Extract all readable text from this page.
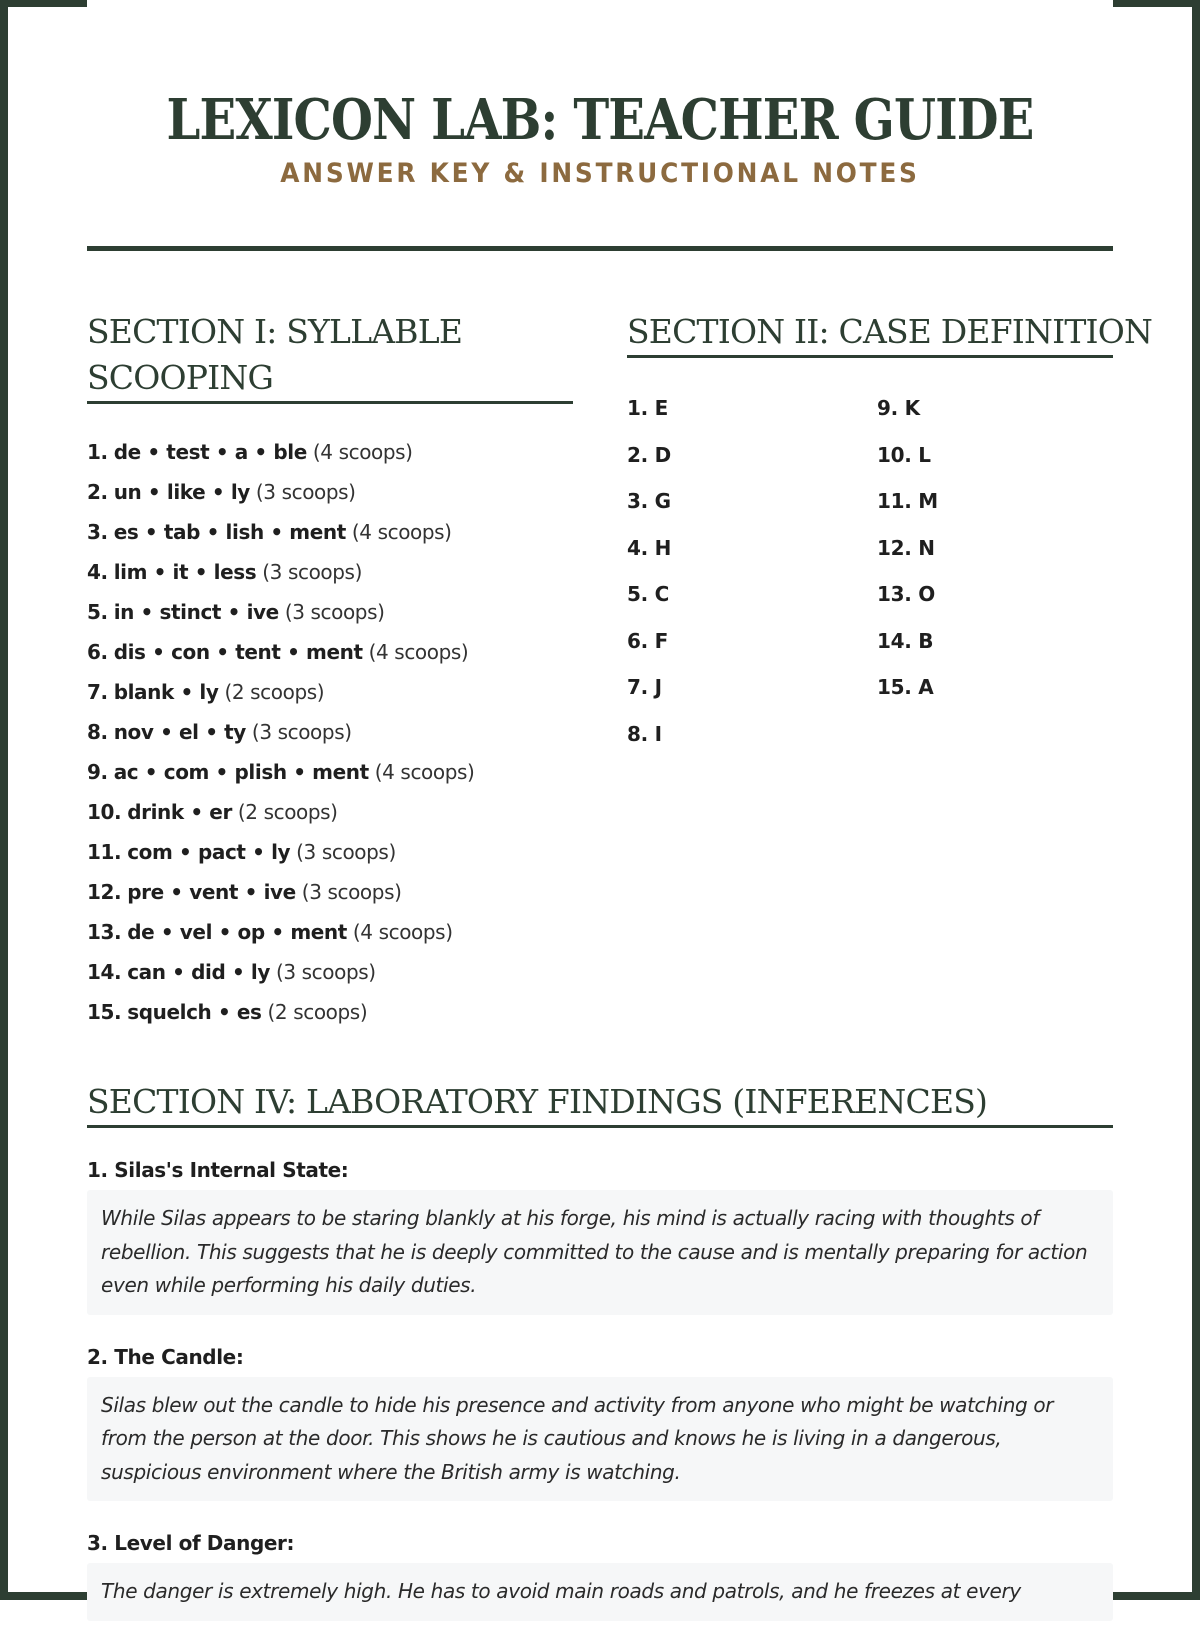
LEXICON LAB: TEACHER GUIDE
ANSWER KEY & INSTRUCTIONAL NOTES
SECTION I: SYLLABLE SCOOPING
1. de • test • a • ble (4 scoops)
2. un • like • ly (3 scoops)
3. es • tab • lish • ment (4 scoops)
4. lim • it • less (3 scoops)
5. in • stinct • ive (3 scoops)
6. dis • con • tent • ment (4 scoops)
7. blank • ly (2 scoops)
8. nov • el • ty (3 scoops)
9. ac • com • plish • ment (4 scoops)
10. drink • er (2 scoops)
11. com • pact • ly (3 scoops)
12. pre • vent • ive (3 scoops)
13. de • vel • op • ment (4 scoops)
14. can • did • ly (3 scoops)
15. squelch • es (2 scoops)
SECTION II: CASE DEFINITION
1. E
2. D
3. G
4. H
5. C
6. F
7. J
8. I
9. K
10. L
11. M
12. N
13. O
14. B
15. A
SECTION IV: LABORATORY FINDINGS (INFERENCES)
1. Silas's Internal State:
While Silas appears to be staring blankly at his forge, his mind is actually racing with thoughts of rebellion. This suggests that he is deeply committed to the cause and is mentally preparing for action even while performing his daily duties.
2. The Candle:
Silas blew out the candle to hide his presence and activity from anyone who might be watching or from the person at the door. This shows he is cautious and knows he is living in a dangerous, suspicious environment where the British army is watching.
3. Level of Danger:
The danger is extremely high. He has to avoid main roads and patrols, and he freezes at every
